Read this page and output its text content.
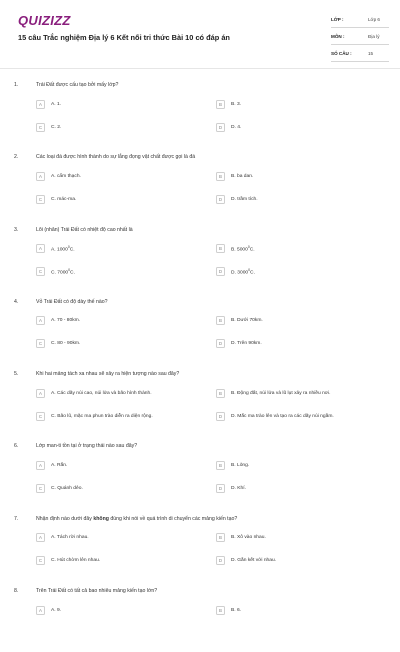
QUIZIZZ
15 câu Trắc nghiệm Địa lý 6 Kết nối tri thức Bài 10 có đáp án
LỚP :	Lớp 6
MÔN :	Địa lý
SỐ CÂU :	15
1.	Trái Đất được cấu tạo bởi mấy lớp?
A	A. 1.	B	B. 3.
C	C. 2.	D	D. 4.
2.	Các loại đá được hình thành do sự lắng đọng vật chất được gọi là đá
A	A. cẩm thạch.	B	B. ba dan.
C	C. mác-ma.	D	D. trầm tích.
3.	Lõi (nhân) Trái Đất có nhiệt độ cao nhất là
A	A. 1000$^0$C.	B	B. 5000$^0$C.
C	C. 7000$^0$C.	D	D. 3000$^0$C.
4.	Vỏ Trái Đất có độ dày thế nào?
A	A. 70 - 80km.	B	B. Dưới 70km.
C	C. 80 - 90km.	D	D. Trên 90km.
5.	Khi hai mảng tách xa nhau sẽ xảy ra hiện tượng nào sau đây?
A	A. Các dãy núi cao, núi lửa và bão hình thành.	B	B. Động đất, núi lửa và lũ lụt xảy ra nhiều nơi.
C	C. Bão lũ, mặc ma phun trào diễn ra diện rộng.	D	D. Mắc ma trào lên và tạo ra các dãy núi ngầm.
6.	Lớp man-ti tồn tại ở trạng thái nào sau đây?
A	A. Rắn.	B	B. Lỏng.
C	C. Quánh dẻo.	D	D. Khí.
7.	Nhận định nào dưới đây không đúng khi nói về quá trình di chuyển các mảng kiến tạo?
A	A. Tách rời nhau.	B	B. Xô vào nhau.
C	C. Hút chờm lên nhau.	D	D. Gắn kết với nhau.
8.	Trên Trái Đất có tất cả bao nhiêu mảng kiến tạo lớn?
A	A. 9.	B	B. 6.
